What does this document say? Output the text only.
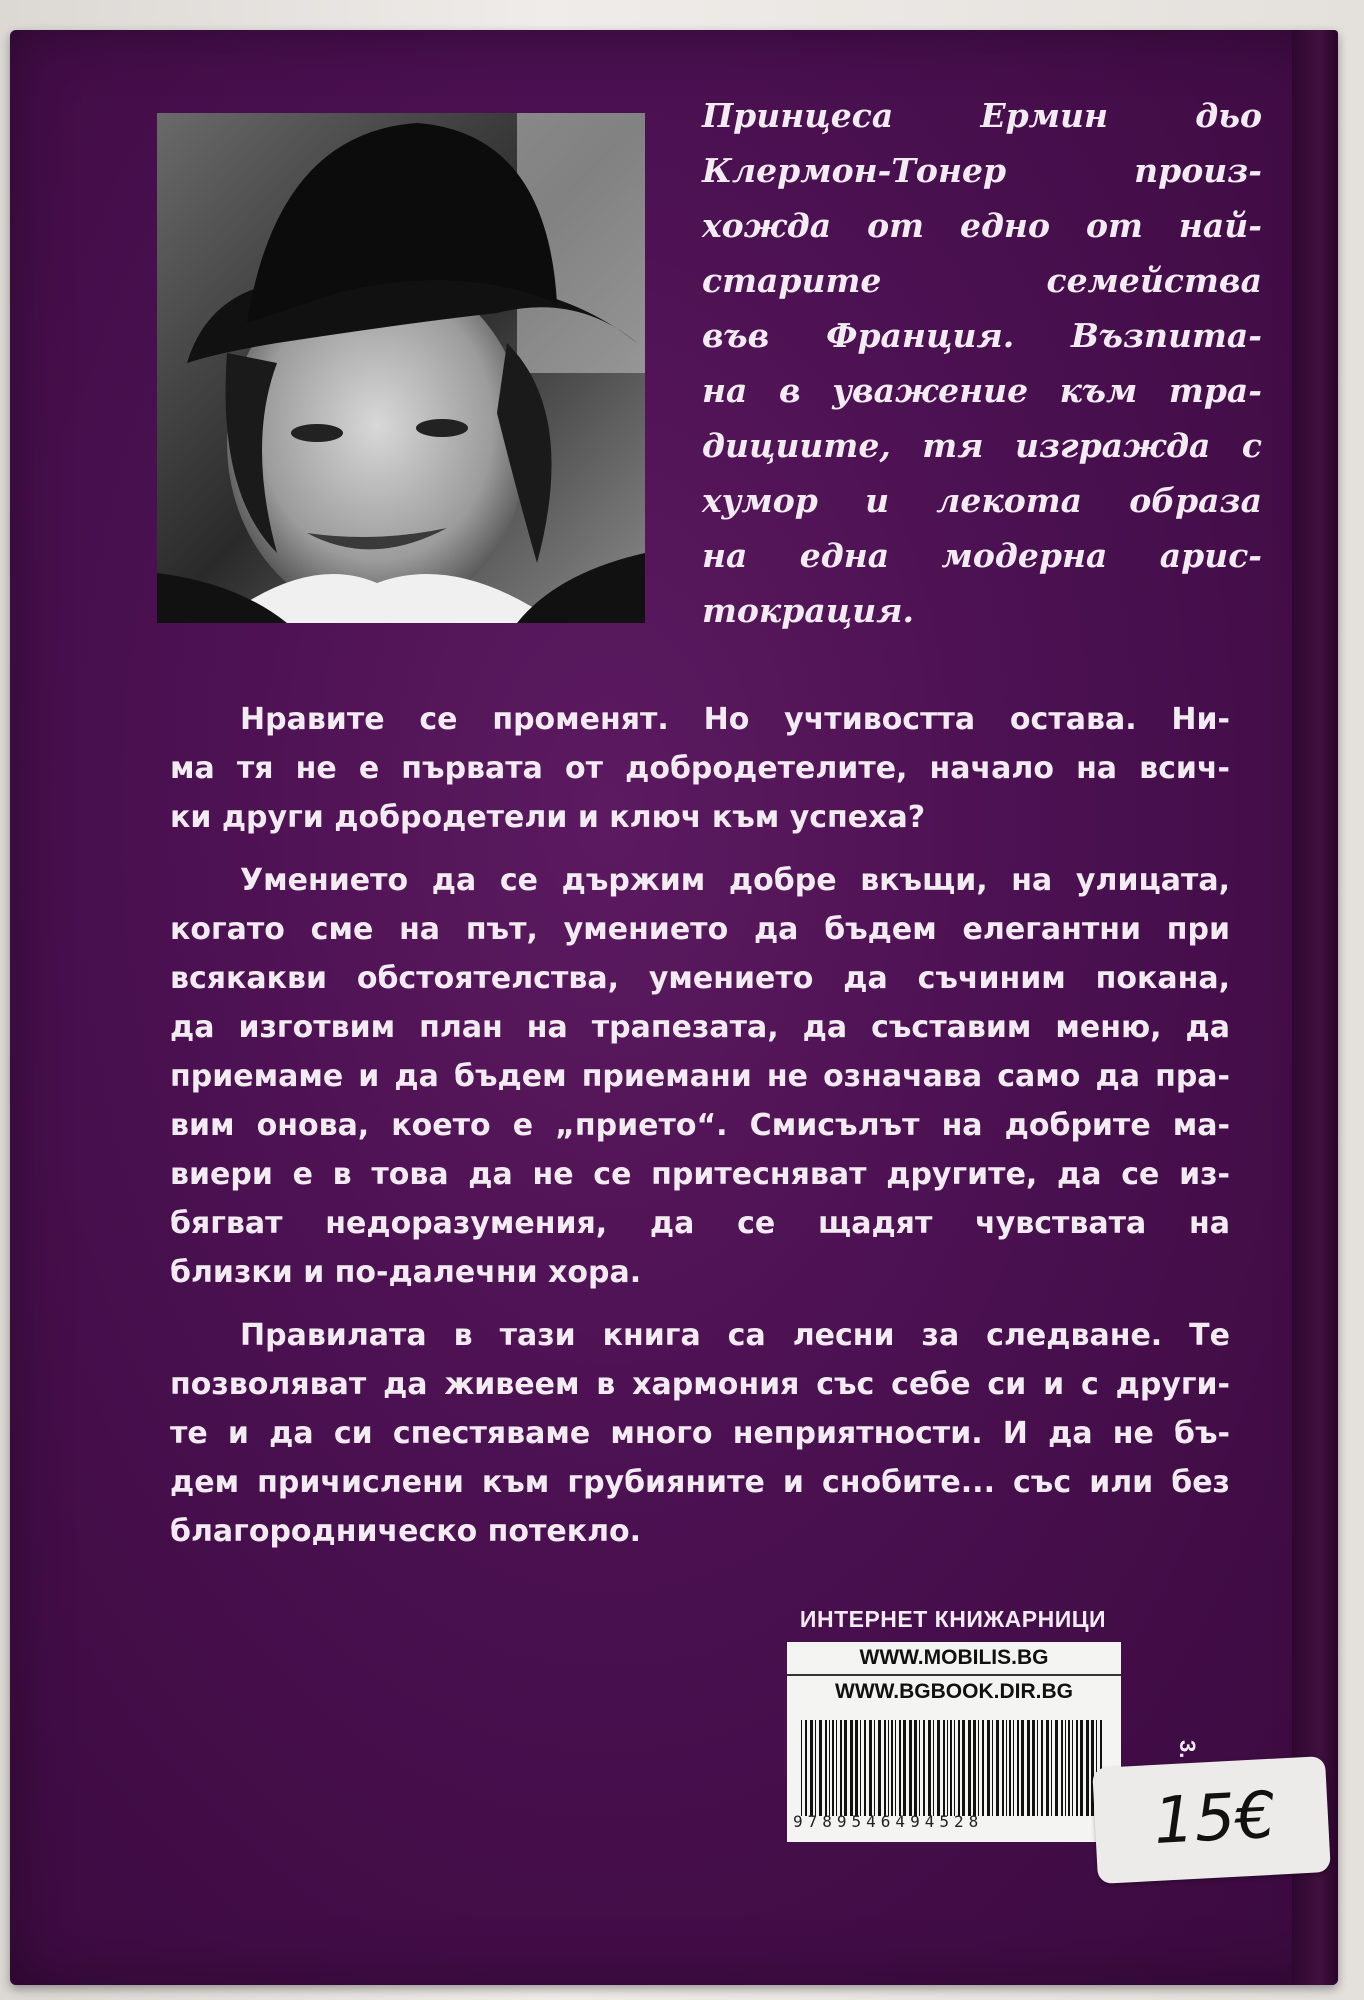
Принцеса Ермин дьо
Клермон-Тонер произ-
хожда от едно от най-
старите семейства
във Франция. Възпита-
на в уважение към тра-
дициите, тя изгражда с
хумор и лекота образа
на една модерна арис-
токрация.
Нравите се променят. Но учтивостта остава. Ни-
ма тя не е първата от добродетелите, начало на всич-
ки други добродетели и ключ към успеха?
Умението да се държим добре вкъщи, на улицата,
когато сме на път, умението да бъдем елегантни при
всякакви обстоятелства, умението да съчиним покана,
да изготвим план на трапезата, да съставим меню, да
приемаме и да бъдем приемани не означава само да пра-
вим онова, което е „прието“. Смисълът на добрите ма-
виери е в това да не се притесняват другите, да се из-
бягват недоразумения, да се щадят чувствата на
близки и по-далечни хора.
Правилата в тази книга са лесни за следване. Те
позволяват да живеем в хармония със себе си и с други-
те и да си спестяваме много неприятности. И да не бъ-
дем причислени към грубияните и снобите... със или без
благородническо потекло.
ИНТЕРНЕТ КНИЖАРНИЦИ
WWW.MOBILIS.BG
WWW.BGBOOK.DIR.BG
9789546494528
3.
15€
